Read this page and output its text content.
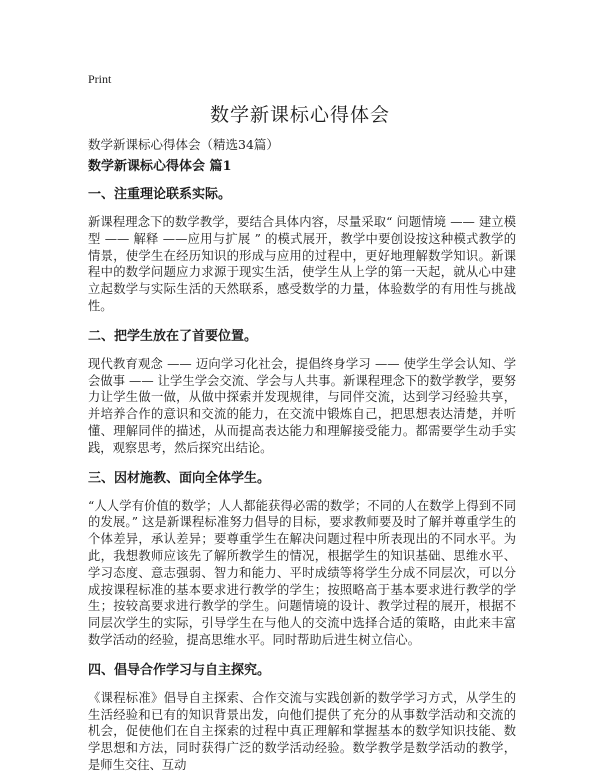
Print
数学新课标心得体会
数学新课标心得体会（精选34篇）
数学新课标心得体会 篇1
一、注重理论联系实际。

新课程理念下的数学教学，要结合具体内容，尽量采取“ 问题情境 —— 建立模型 —— 解释 ——应用与扩展 ” 的模式展开，教学中要创设按这种模式教学的情景，使学生在经历知识的形成与应用的过程中，更好地理解数学知识。新课程中的数学问题应力求源于现实生活，使学生从上学的第一天起，就从心中建立起数学与实际生活的天然联系，感受数学的力量，体验数学的有用性与挑战性。

二、把学生放在了首要位置。

现代教育观念 —— 迈向学习化社会，提倡终身学习 —— 使学生学会认知、学会做事 —— 让学生学会交流、学会与人共事。新课程理念下的数学教学，要努力让学生做一做，从做中探索并发现规律，与同伴交流，达到学习经验共享，并培养合作的意识和交流的能力，在交流中锻炼自己，把思想表达清楚，并听懂、理解同伴的描述，从而提高表达能力和理解接受能力。都需要学生动手实践，观察思考，然后探究出结论。

三、因材施教、面向全体学生。

“人人学有价值的数学；人人都能获得必需的数学；不同的人在数学上得到不同的发展。” 这是新课程标准努力倡导的目标，要求教师要及时了解并尊重学生的个体差异，承认差异；要尊重学生在解决问题过程中所表现出的不同水平。为此，我想教师应该先了解所教学生的情况，根据学生的知识基础、思维水平、学习态度、意志强弱、智力和能力、平时成绩等将学生分成不同层次，可以分成按课程标准的基本要求进行教学的学生；按照略高于基本要求进行教学的学生；按较高要求进行教学的学生。问题情境的设计、教学过程的展开，根据不同层次学生的实际，引导学生在与他人的交流中选择合适的策略，由此来丰富数学活动的经验，提高思维水平。同时帮助后进生树立信心。

四、倡导合作学习与自主探究。

《课程标准》倡导自主探索、合作交流与实践创新的数学学习方式，从学生的生活经验和已有的知识背景出发，向他们提供了充分的从事数学活动和交流的机会，促使他们在自主探索的过程中真正理解和掌握基本的数学知识技能、数学思想和方法，同时获得广泛的数学活动经验。数学教学是数学活动的教学，是师生交往、互动
